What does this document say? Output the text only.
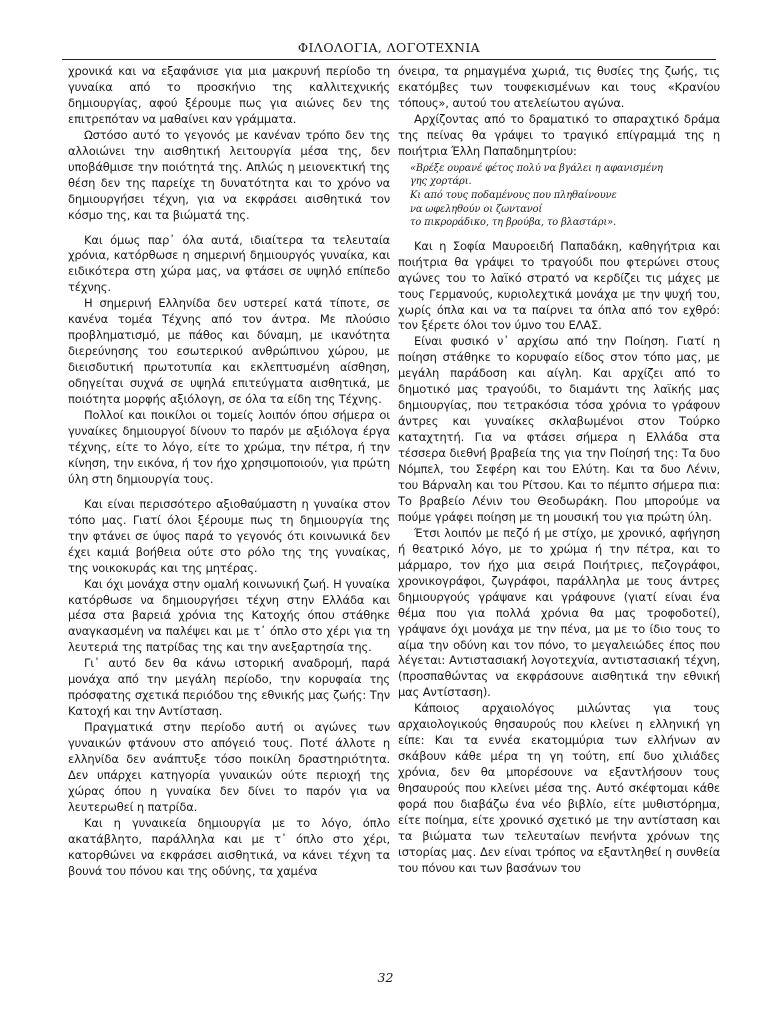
ΦΙΛΟΛΟΓΙΑ, ΛΟΓΟΤΕΧΝΙΑ

χρονικά και να εξαφάνισε για μια μακρυνή περίοδο τη γυναίκα από το προσκήνιο της καλλιτεχνικής δημιουργίας, αφού ξέρουμε πως για αιώνες δεν της επιτρεπόταν να μαθαίνει καν γράμματα.

Ωστόσο αυτό το γεγονός με κανέναν τρόπο δεν της αλλοιώνει την αισθητική λειτουργία μέσα της, δεν υποβάθμισε την ποιότητά της. Απλώς η μειονεκτική της θέση δεν της παρείχε τη δυνατότητα και το χρόνο να δημιουργήσει τέχνη, για να εκφράσει αισθητικά τον κόσμο της, και τα βιώματά της.

Και όμως παρ᾽ όλα αυτά, ιδιαίτερα τα τελευταία χρόνια, κατόρθωσε η σημερινή δημιουργός γυναίκα, και ειδικότερα στη χώρα μας, να φτάσει σε υψηλό επίπεδο τέχνης.

Η σημερινή Ελληνίδα δεν υστερεί κατά τίποτε, σε κανένα τομέα Τέχνης από τον άντρα. Με πλούσιο προβληματισμό, με πάθος και δύναμη, με ικανότητα διερεύνησης του εσωτερικού ανθρώπινου χώρου, με διεισδυτική πρωτοτυπία και εκλεπτυσμένη αίσθηση, οδηγείται συχνά σε υψηλά επιτεύγματα αισθητικά, με ποιότητα μορφής αξιόλογη, σε όλα τα είδη της Τέχνης.

Πολλοί και ποικίλοι οι τομείς λοιπόν όπου σήμερα οι γυναίκες δημιουργοί δίνουν το παρόν με αξιόλογα έργα τέχνης, είτε το λόγο, είτε το χρώμα, την πέτρα, ή την κίνηση, την εικόνα, ή τον ήχο χρησιμοποιούν, για πρώτη ύλη στη δημιουργία τους.

Και είναι περισσότερο αξιοθαύμαστη η γυναίκα στον τόπο μας. Γιατί όλοι ξέρουμε πως τη δημιουργία της την φτάνει σε ύψος παρά το γεγονός ότι κοινωνικά δεν έχει καμιά βοήθεια ούτε στο ρόλο της της γυναίκας, της νοικοκυράς και της μητέρας.

Και όχι μονάχα στην ομαλή κοινωνική ζωή. Η γυναίκα κατόρθωσε να δημιουργήσει τέχνη στην Ελλάδα και μέσα στα βαρειά χρόνια της Κατοχής όπου στάθηκε αναγκασμένη να παλέψει και με τ᾽ όπλο στο χέρι για τη λευτεριά της πατρίδας της και την ανεξαρτησία της.

Γι᾽ αυτό δεν θα κάνω ιστορική αναδρομή, παρά μονάχα από την μεγάλη περίοδο, την κορυφαία της πρόσφατης σχετικά περιόδου της εθνικής μας ζωής: Την Κατοχή και την Αντίσταση.

Πραγματικά στην περίοδο αυτή οι αγώνες των γυναικών φτάνουν στο απόγειό τους. Ποτέ άλλοτε η ελληνίδα δεν ανάπτυξε τόσο ποικίλη δραστηριότητα. Δεν υπάρχει κατηγορία γυναικών ούτε περιοχή της χώρας όπου η γυναίκα δεν δίνει το παρόν για να λευτερωθεί η πατρίδα.

Και η γυναικεία δημιουργία με το λόγο, όπλο ακατάβλητο, παράλληλα και με τ᾽ όπλο στο χέρι, κατορθώνει να εκφράσει αισθητικά, να κάνει τέχνη τα βουνά του πόνου και της οδύνης, τα χαμένα

όνειρα, τα ρημαγμένα χωριά, τις θυσίες της ζωής, τις εκατόμβες των τουφεκισμένων και τους «Κρανίου τόπους», αυτού του ατελείωτου αγώνα.

Αρχίζοντας από το δραματικό το σπαραχτικό δράμα της πείνας θα γράψει το τραγικό επίγραμμά της η ποιήτρια Έλλη Παπαδημητρίου:

«Βρέξε ουρανέ φέτος πολύ να βγάλει η αφανισμένη
γης χορτάρι.
Κι από τους ποδαμένους που πληθαίνουνε
να ωφεληθούν οι ζωντανοί
το πικροράδικο, τη βρούβα, το βλαστάρι».

Και η Σοφία Μαυροειδή Παπαδάκη, καθηγήτρια και ποιήτρια θα γράψει το τραγούδι που φτερώνει στους αγώνες του το λαϊκό στρατό να κερδίζει τις μάχες με τους Γερμανούς, κυριολεχτικά μονάχα με την ψυχή του, χωρίς όπλα και να τα παίρνει τα όπλα από τον εχθρό: τον ξέρετε όλοι τον ύμνο του ΕΛΑΣ.

Είναι φυσικό ν᾽ αρχίσω από την Ποίηση. Γιατί η ποίηση στάθηκε το κορυφαίο είδος στον τόπο μας, με μεγάλη παράδοση και αίγλη. Και αρχίζει από το δημοτικό μας τραγούδι, το διαμάντι της λαϊκής μας δημιουργίας, που τετρακόσια τόσα χρόνια το γράφουν άντρες και γυναίκες σκλαβωμένοι στον Τούρκο καταχτητή. Για να φτάσει σήμερα η Ελλάδα στα τέσσερα διεθνή βραβεία της για την Ποίησή της: Τα δυο Νόμπελ, του Σεφέρη και του Ελύτη. Και τα δυο Λένιν, του Βάρναλη και του Ρίτσου. Και το πέμπτο σήμερα πια: Το βραβείο Λένιν του Θεοδωράκη. Που μπορούμε να πούμε γράφει ποίηση με τη μουσική του για πρώτη ύλη.

Έτσι λοιπόν με πεζό ή με στίχο, με χρονικό, αφήγηση ή θεατρικό λόγο, με το χρώμα ή την πέτρα, και το μάρμαρο, τον ήχο μια σειρά Ποιήτριες, πεζογράφοι, χρονικογράφοι, ζωγράφοι, παράλληλα με τους άντρες δημιουργούς γράψανε και γράφουνε (γιατί είναι ένα θέμα που για πολλά χρόνια θα μας τροφοδοτεί), γράψανε όχι μονάχα με την πένα, μα με το ίδιο τους το αίμα την οδύνη και τον πόνο, το μεγαλειώδες έπος που λέγεται: Αντιστασιακή λογοτεχνία, αντιστασιακή τέχνη, (προσπαθώντας να εκφράσουνε αισθητικά την εθνική μας Αντίσταση).

Κάποιος αρχαιολόγος μιλώντας για τους αρχαιολογικούς θησαυρούς που κλείνει η ελληνική γη είπε: Και τα εννέα εκατομμύρια των ελλήνων αν σκάβουν κάθε μέρα τη γη τούτη, επί δυο χιλιάδες χρόνια, δεν θα μπορέσουνε να εξαντλήσουν τους θησαυρούς που κλείνει μέσα της. Αυτό σκέφτομαι κάθε φορά που διαβάζω ένα νέο βιβλίο, είτε μυθιστόρημα, είτε ποίημα, είτε χρονικό σχετικό με την αντίσταση και τα βιώματα των τελευταίων πενήντα χρόνων της ιστορίας μας. Δεν είναι τρόπος να εξαντληθεί η συνθεία του πόνου και των βασάνων του

32
